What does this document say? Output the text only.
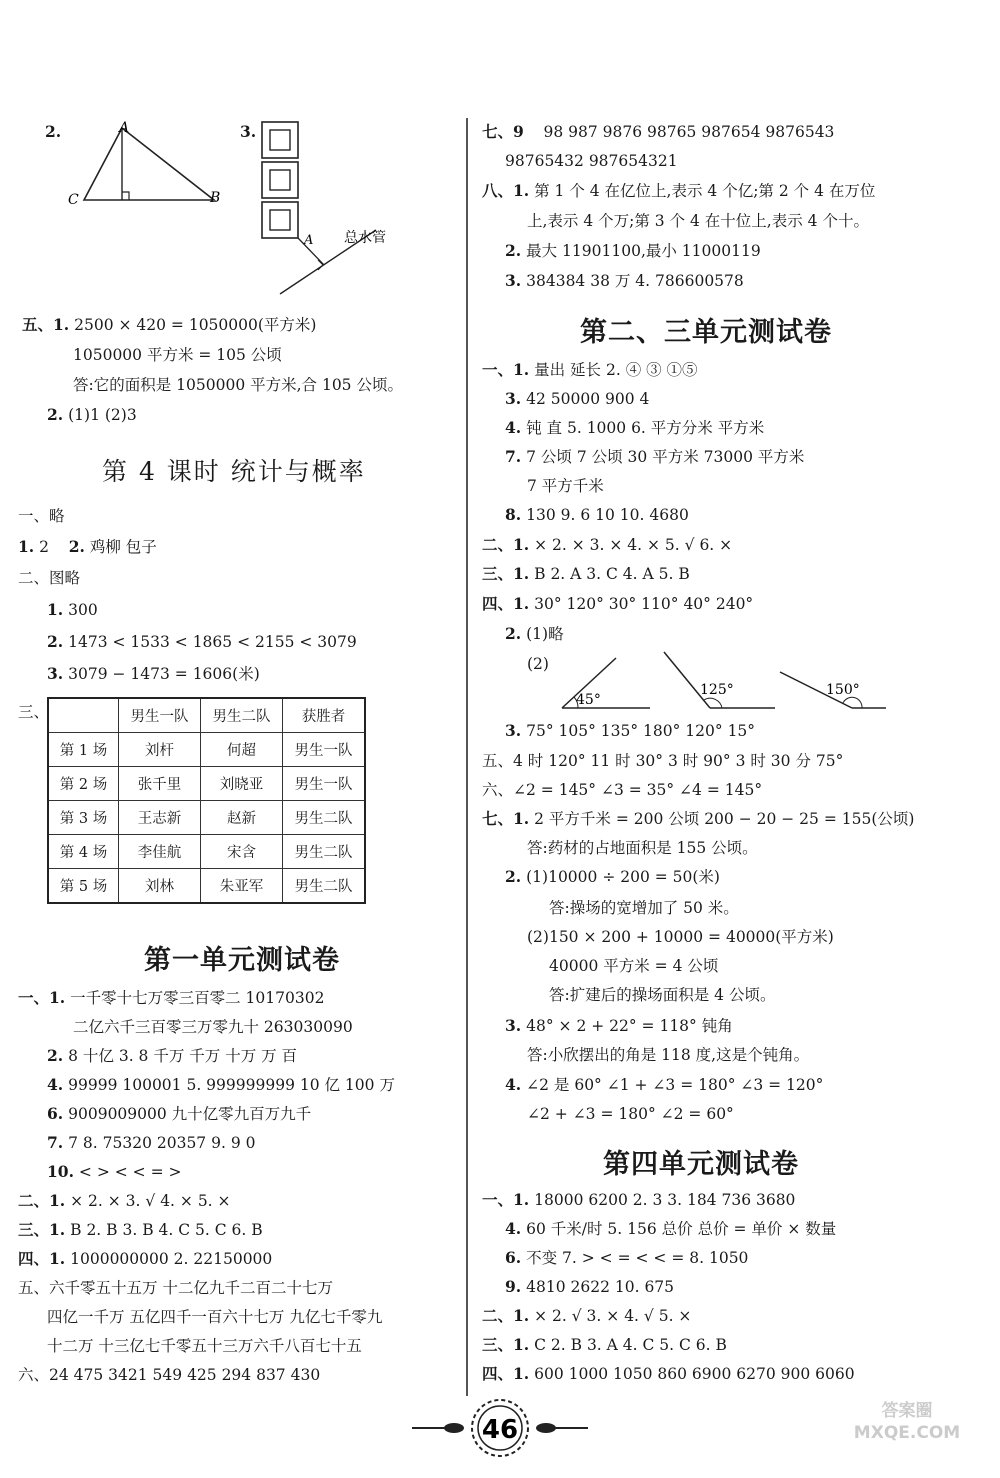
2.	A
C	B
3.
A 总水管
五、1. 2500 × 420 = 1050000(平方米)
1050000 平方米 = 105 公顷
答:它的面积是 1050000 平方米,合 105 公顷。
2. (1)1 (2)3
第 4 课时 统计与概率
一、略
1. 2 2. 鸡柳 包子
二、图略
1. 300
2. 1473 < 1533 < 1865 < 2155 < 3079
3. 3079 − 1473 = 1606(米)
三、
		男生一队	男生二队	获胜者
第 1 场	刘杆	何超	男生一队
第 2 场	张千里	刘晓亚	男生一队
第 3 场	王志新	赵新	男生二队
第 4 场	李佳航	宋含	男生二队
第 5 场	刘林	朱亚军	男生二队
第一单元测试卷
一、1. 一千零十七万零三百零二 10170302
二亿六千三百零三万零九十 263030090
2. 8 十亿 3. 8 千万 千万 十万 万 百
4. 99999 100001 5. 999999999 10 亿 100 万
6. 9009009000 九十亿零九百万九千
7. 7 8. 75320 20357 9. 9 0
10. < > < < = >
二、1. × 2. × 3. √ 4. × 5. ×
三、1. B 2. B 3. B 4. C 5. C 6. B
四、1. 1000000000 2. 22150000
五、六千零五十五万 十二亿九千二百二十七万
四亿一千万 五亿四千一百六十七万 九亿七千零九
十二万 十三亿七千零五十三万六千八百七十五
六、24 475 3421 549 425 294 837 430
七、9 98 987 9876 98765 987654 9876543
98765432 987654321
八、1. 第 1 个 4 在亿位上,表示 4 个亿;第 2 个 4 在万位
上,表示 4 个万;第 3 个 4 在十位上,表示 4 个十。
2. 最大 11901100,最小 11000119
3. 384384 38 万 4. 786600578
第二、三单元测试卷
一、1. 量出 延长 2. ④ ③ ①⑤
3. 42 50000 900 4
4. 钝 直 5. 1000 6. 平方分米 平方米
7. 7 公顷 7 公顷 30 平方米 73000 平方米
7 平方千米
8. 130 9. 6 10 10. 4680
二、1. × 2. × 3. × 4. × 5. √ 6. ×
三、1. B 2. A 3. C 4. A 5. B
四、1. 30° 120° 30° 110° 40° 240°
2. (1)略
(2)
45°
125°	150°
3. 75° 105° 135° 180° 120° 15°
五、4 时 120° 11 时 30° 3 时 90° 3 时 30 分 75°
六、∠2 = 145° ∠3 = 35° ∠4 = 145°
七、1. 2 平方千米 = 200 公顷 200 − 20 − 25 = 155(公顷)
答:药材的占地面积是 155 公顷。
2. (1)10000 ÷ 200 = 50(米)
答:操场的宽增加了 50 米。
(2)150 × 200 + 10000 = 40000(平方米)
40000 平方米 = 4 公顷
答:扩建后的操场面积是 4 公顷。
3. 48° × 2 + 22° = 118° 钝角
答:小欣摆出的角是 118 度,这是个钝角。
4. ∠2 是 60° ∠1 + ∠3 = 180° ∠3 = 120°
∠2 + ∠3 = 180° ∠2 = 60°
第四单元测试卷
一、1. 18000 6200 2. 3 3. 184 736 3680
4. 60 千米/时 5. 156 总价 总价 = 单价 × 数量
6. 不变 7. > < = < < = 8. 1050
9. 4810 2622 10. 675
二、1. × 2. √ 3. × 4. √ 5. ×
三、1. C 2. B 3. A 4. C 5. C 6. B
四、1. 600 1000 1050 860 6900 6270 900 6060
答案圈 MXQE.COM
46
